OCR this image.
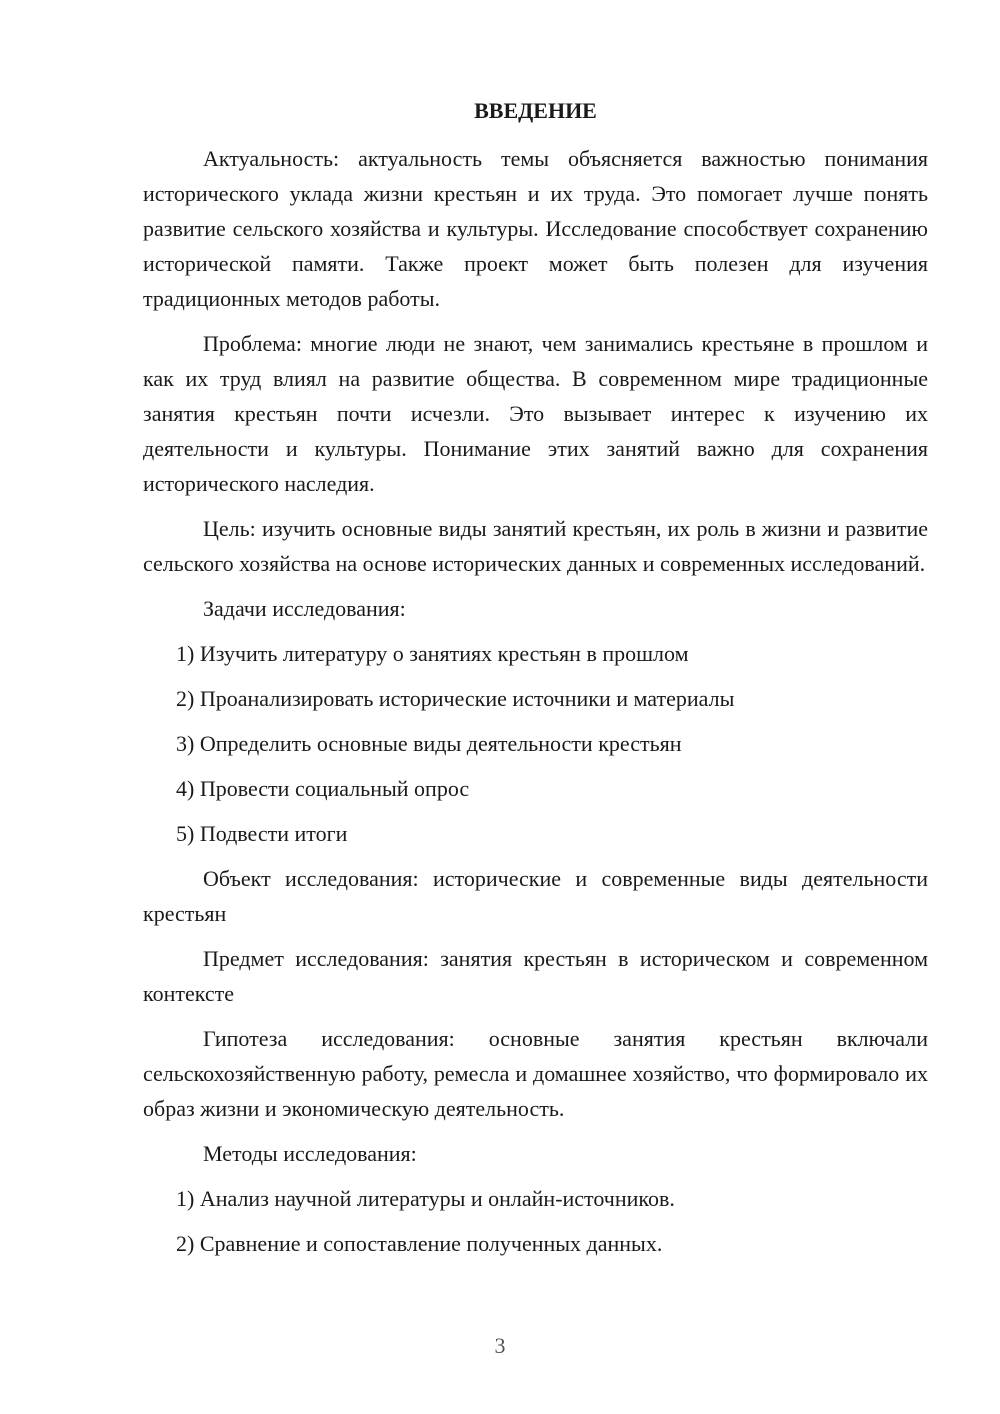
ВВЕДЕНИЕ
Актуальность: актуальность темы объясняется важностью понимания исторического уклада жизни крестьян и их труда. Это помогает лучше понять развитие сельского хозяйства и культуры. Исследование способствует сохранению исторической памяти. Также проект может быть полезен для изучения традиционных методов работы.
Проблема: многие люди не знают, чем занимались крестьяне в прошлом и как их труд влиял на развитие общества. В современном мире традиционные занятия крестьян почти исчезли. Это вызывает интерес к изучению их деятельности и культуры. Понимание этих занятий важно для сохранения исторического наследия.
Цель: изучить основные виды занятий крестьян, их роль в жизни и развитие сельского хозяйства на основе исторических данных и современных исследований.
Задачи исследования:
1) Изучить литературу о занятиях крестьян в прошлом
2) Проанализировать исторические источники и материалы
3) Определить основные виды деятельности крестьян
4) Провести социальный опрос
5) Подвести итоги
Объект исследования: исторические и современные виды деятельности крестьян
Предмет исследования: занятия крестьян в историческом и современном контексте
Гипотеза исследования: основные занятия крестьян включали сельскохозяйственную работу, ремесла и домашнее хозяйство, что формировало их образ жизни и экономическую деятельность.
Методы исследования:
1) Анализ научной литературы и онлайн-источников.
2) Сравнение и сопоставление полученных данных.
3
